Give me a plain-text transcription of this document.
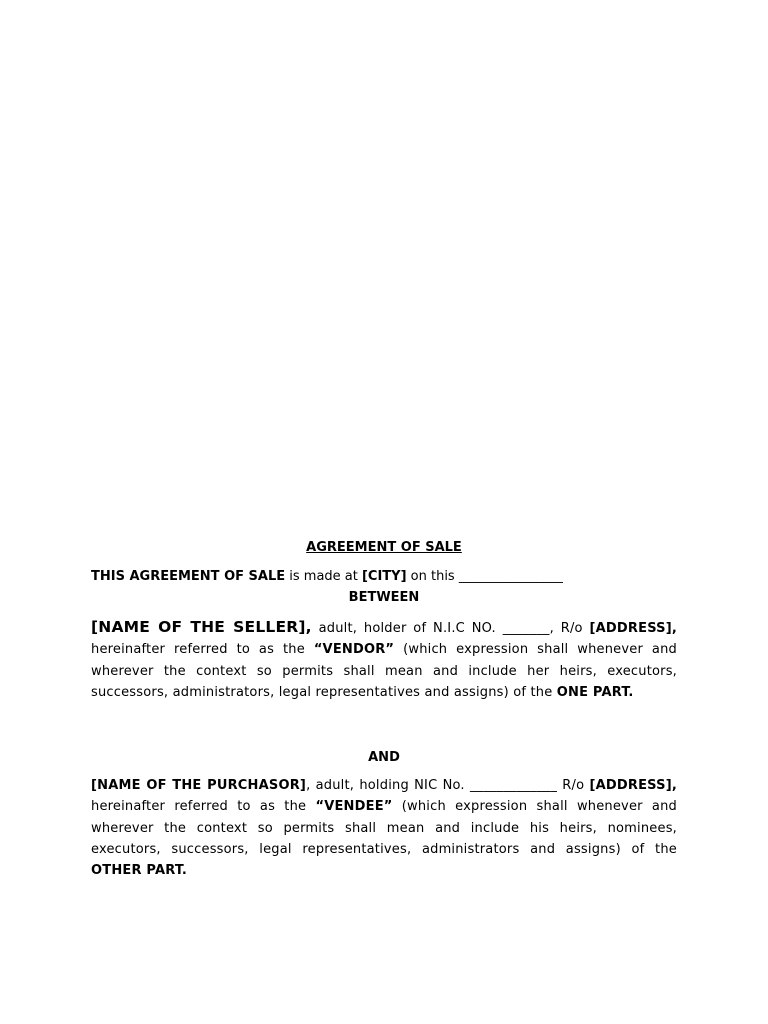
AGREEMENT OF SALE

THIS AGREEMENT OF SALE is made at [CITY] on this ________________

BETWEEN

[NAME OF THE SELLER], adult, holder of N.I.C NO. _______, R/o [ADDRESS], hereinafter referred to as the “VENDOR” (which expression shall whenever and wherever the context so permits shall mean and include her heirs, executors, successors, administrators, legal representatives and assigns) of the ONE PART.

AND

[NAME OF THE PURCHASOR], adult, holding NIC No. _____________ R/o [ADDRESS], hereinafter referred to as the “VENDEE” (which expression shall whenever and wherever the context so permits shall mean and include his heirs, nominees, executors, successors, legal representatives, administrators and assigns) of the OTHER PART.
